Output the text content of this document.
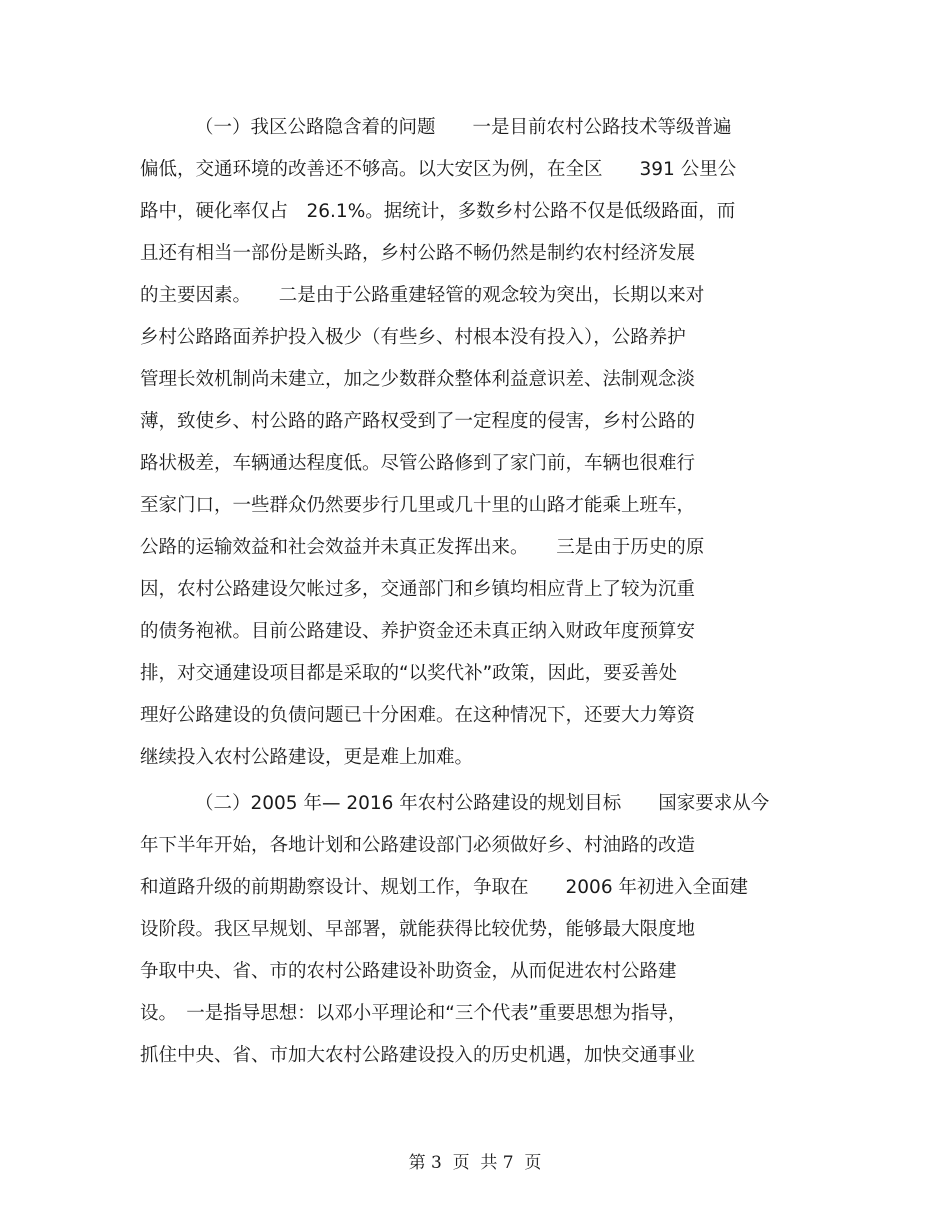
（一）我区公路隐含着的问题　　一是目前农村公路技术等级普遍
偏低，交通环境的改善还不够高。以大安区为例，在全区　　391 公里公
路中，硬化率仅占　26.1%。据统计，多数乡村公路不仅是低级路面，而
且还有相当一部份是断头路，乡村公路不畅仍然是制约农村经济发展
的主要因素。　　二是由于公路重建轻管的观念较为突出，长期以来对
乡村公路路面养护投入极少（有些乡、村根本没有投入），公路养护
管理长效机制尚未建立，加之少数群众整体利益意识差、法制观念淡
薄，致使乡、村公路的路产路权受到了一定程度的侵害，乡村公路的
路状极差，车辆通达程度低。尽管公路修到了家门前，车辆也很难行
至家门口，一些群众仍然要步行几里或几十里的山路才能乘上班车，
公路的运输效益和社会效益并未真正发挥出来。　　三是由于历史的原
因，农村公路建设欠帐过多，交通部门和乡镇均相应背上了较为沉重
的债务袍袱。目前公路建设、养护资金还未真正纳入财政年度预算安
排，对交通建设项目都是采取的“以奖代补”政策，因此，要妥善处
理好公路建设的负债问题已十分困难。在这种情况下，还要大力筹资
继续投入农村公路建设，更是难上加难。
（二）2005 年— 2016 年农村公路建设的规划目标　　国家要求从今
年下半年开始，各地计划和公路建设部门必须做好乡、村油路的改造
和道路升级的前期勘察设计、规划工作，争取在　　2006 年初进入全面建
设阶段。我区早规划、早部署，就能获得比较优势，能够最大限度地
争取中央、省、市的农村公路建设补助资金，从而促进农村公路建
设。　一是指导思想：以邓小平理论和“三个代表”重要思想为指导，
抓住中央、省、市加大农村公路建设投入的历史机遇，加快交通事业
第 3  页  共 7  页
